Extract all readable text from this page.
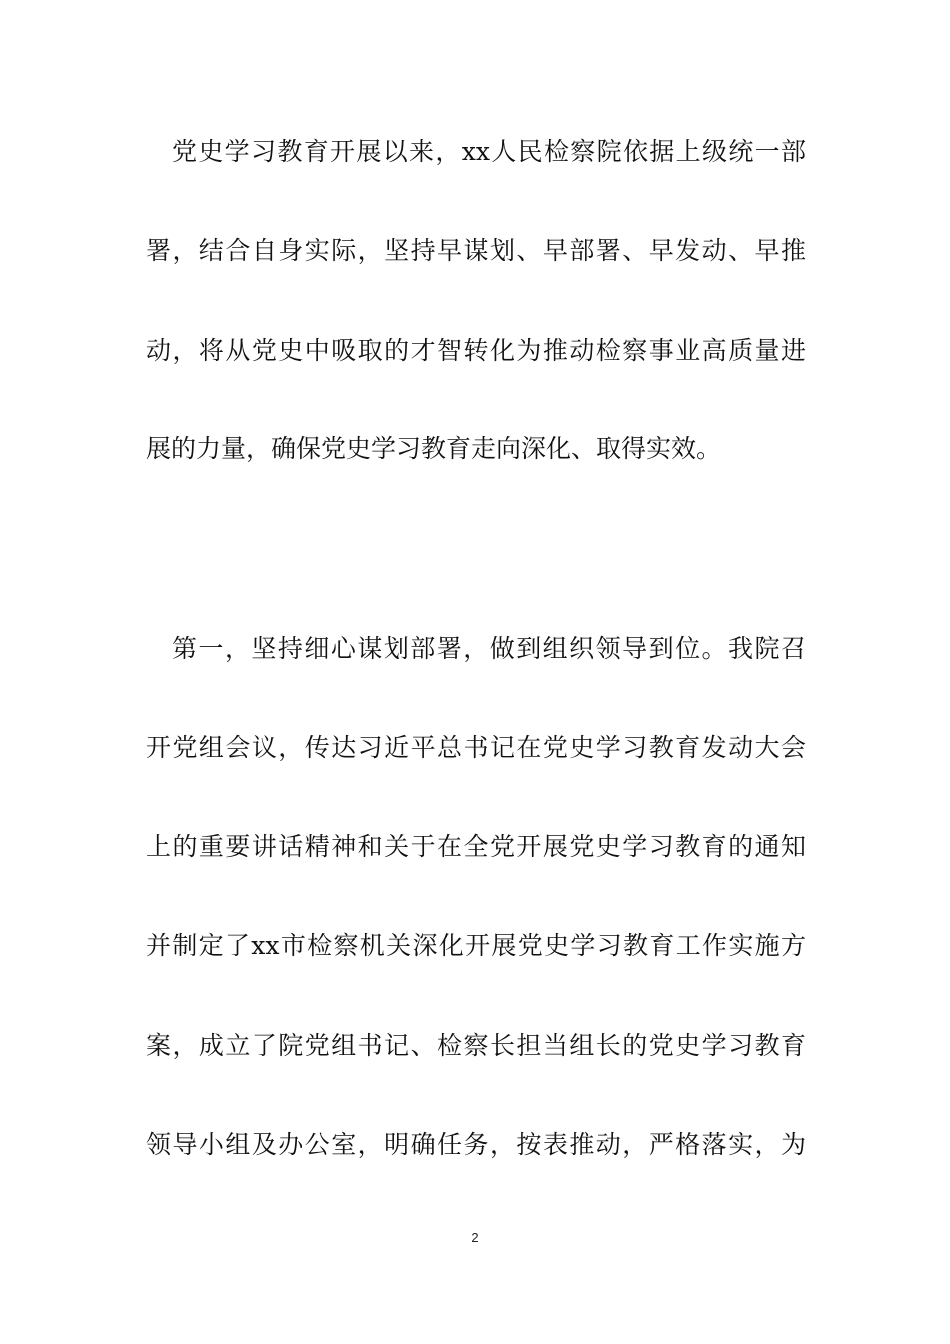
党史学习教育开展以来，xx人民检察院依据上级统一部
署，结合自身实际，坚持早谋划、早部署、早发动、早推
动，将从党史中吸取的才智转化为推动检察事业高质量进
展的力量，确保党史学习教育走向深化、取得实效。
第一，坚持细心谋划部署，做到组织领导到位。我院召
开党组会议，传达习近平总书记在党史学习教育发动大会
上的重要讲话精神和关于在全党开展党史学习教育的通知
并制定了xx市检察机关深化开展党史学习教育工作实施方
案，成立了院党组书记、检察长担当组长的党史学习教育
领导小组及办公室，明确任务，按表推动，严格落实，为
2
